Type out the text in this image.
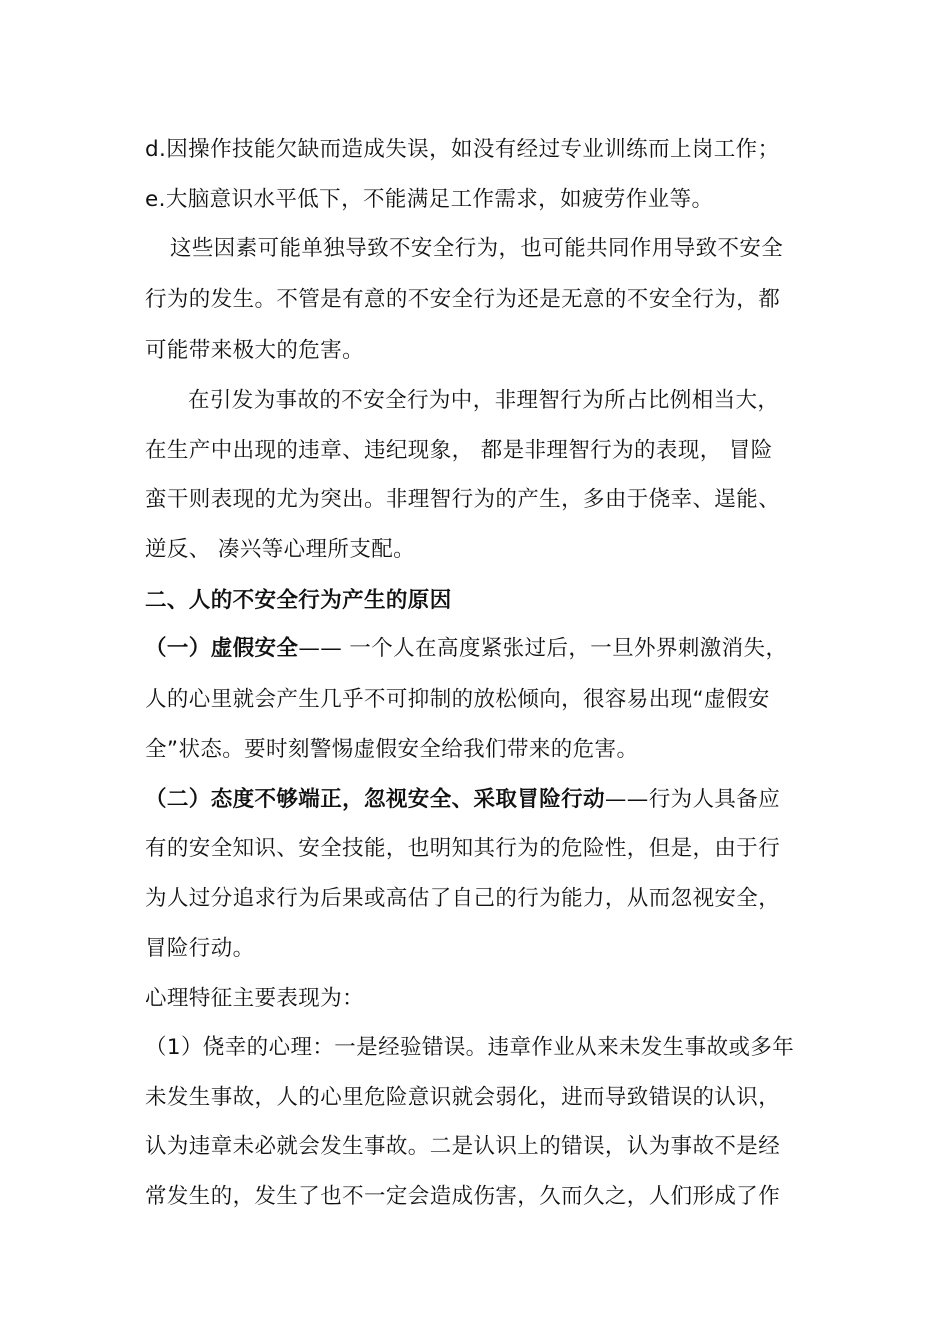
d.因操作技能欠缺而造成失误，如没有经过专业训练而上岗工作；
e.大脑意识水平低下，不能满足工作需求，如疲劳作业等。
这些因素可能单独导致不安全行为，也可能共同作用导致不安全
行为的发生。不管是有意的不安全行为还是无意的不安全行为，都
可能带来极大的危害。
在引发为事故的不安全行为中，非理智行为所占比例相当大，
在生产中出现的违章、违纪现象， 都是非理智行为的表现， 冒险
蛮干则表现的尤为突出。非理智行为的产生，多由于侥幸、逞能、
逆反、 凑兴等心理所支配。
二、人的不安全行为产生的原因
（一）虚假安全—— 一个人在高度紧张过后，一旦外界刺激消失，
人的心里就会产生几乎不可抑制的放松倾向，很容易出现“虚假安
全”状态。要时刻警惕虚假安全给我们带来的危害。
（二）态度不够端正，忽视安全、采取冒险行动——行为人具备应
有的安全知识、安全技能，也明知其行为的危险性，但是，由于行
为人过分追求行为后果或高估了自己的行为能力，从而忽视安全，
冒险行动。
心理特征主要表现为：
（1）侥幸的心理：一是经验错误。违章作业从来未发生事故或多年
未发生事故，人的心里危险意识就会弱化，进而导致错误的认识，
认为违章未必就会发生事故。二是认识上的错误，认为事故不是经
常发生的，发生了也不一定会造成伤害，久而久之，人们形成了作
